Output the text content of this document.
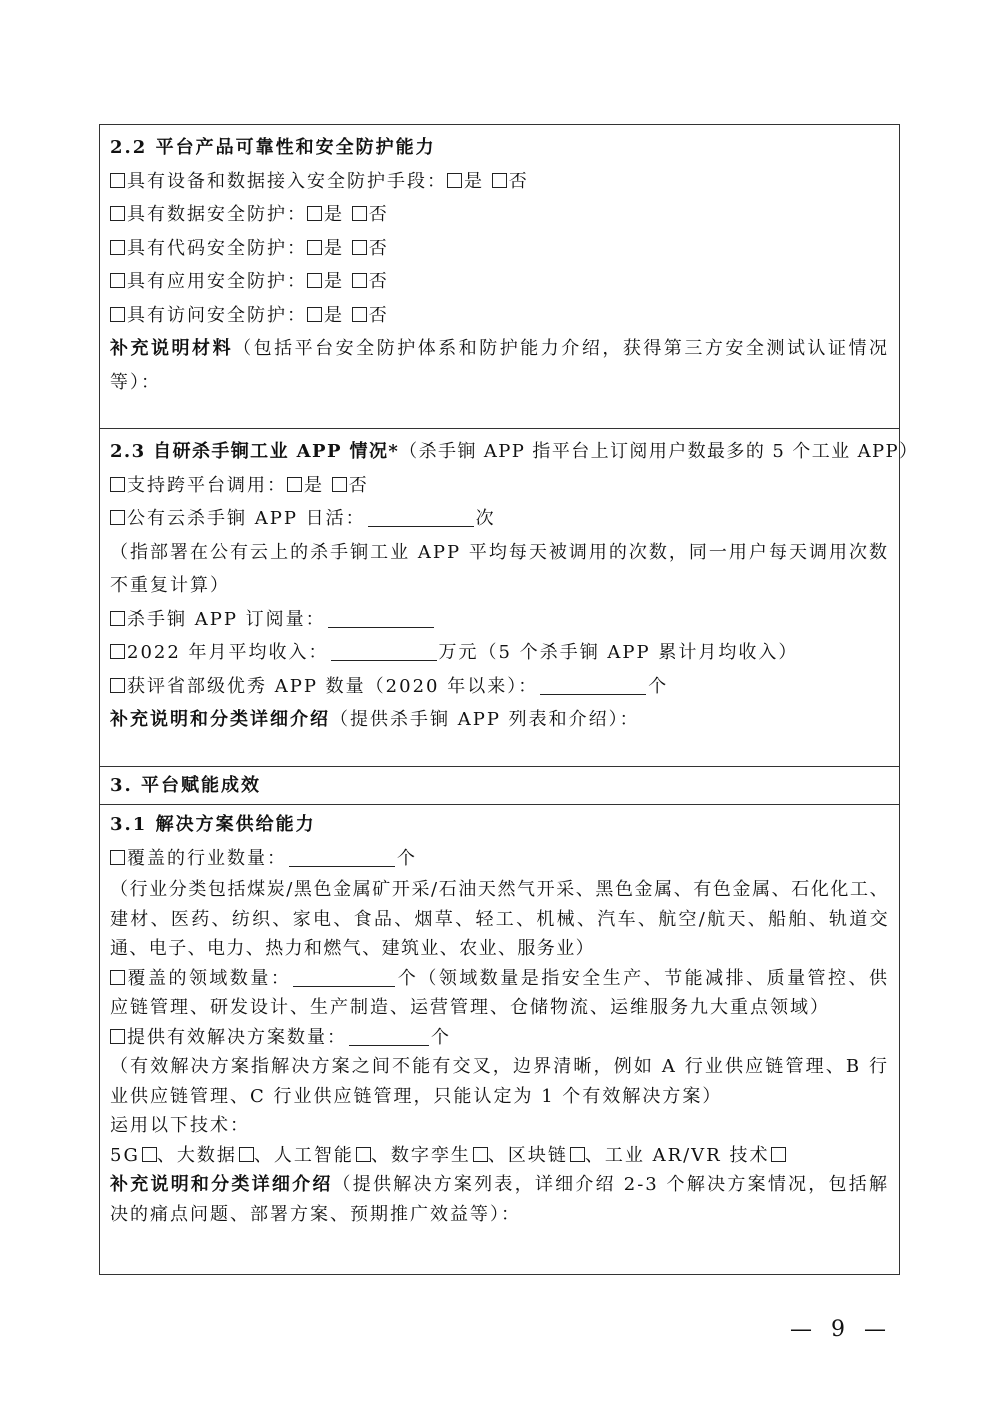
2.2 平台产品可靠性和安全防护能力
具有设备和数据接入安全防护手段： 是 否
具有数据安全防护： 是 否
具有代码安全防护： 是 否
具有应用安全防护： 是 否
具有访问安全防护： 是 否
补充说明材料（包括平台安全防护体系和防护能力介绍，获得第三方安全测试认证情况等）：
2.3 自研杀手锏工业 APP 情况*（杀手锏 APP 指平台上订阅用户数最多的 5 个工业 APP）
支持跨平台调用： 是 否
公有云杀手锏 APP 日活：	次
（指部署在公有云上的杀手锏工业 APP 平均每天被调用的次数，同一用户每天调用次数不重复计算）
杀手锏 APP 订阅量：
2022 年月平均收入：	万元（5 个杀手锏 APP 累计月均收入）
获评省部级优秀 APP 数量（2020 年以来）：	个
补充说明和分类详细介绍（提供杀手锏 APP 列表和介绍）：
3. 平台赋能成效
3.1 解决方案供给能力
覆盖的行业数量：	个
（行业分类包括煤炭/黑色金属矿开采/石油天然气开采、黑色金属、有色金属、石化化工、建材、医药、纺织、家电、食品、烟草、轻工、机械、汽车、航空/航天、船舶、轨道交通、电子、电力、热力和燃气、建筑业、农业、服务业）
覆盖的领域数量：	个（领域数量是指安全生产、节能减排、质量管控、供应链管理、研发设计、生产制造、运营管理、仓储物流、运维服务九大重点领域）
提供有效解决方案数量：	个
（有效解决方案指解决方案之间不能有交叉，边界清晰，例如 A 行业供应链管理、B 行业供应链管理、C 行业供应链管理，只能认定为 1 个有效解决方案）
运用以下技术：
5G 、大数据 、人工智能 、数字孪生 、区块链 、工业 AR/VR 技术
补充说明和分类详细介绍（提供解决方案列表，详细介绍 2-3 个解决方案情况，包括解决的痛点问题、部署方案、预期推广效益等）：
— 9 —
